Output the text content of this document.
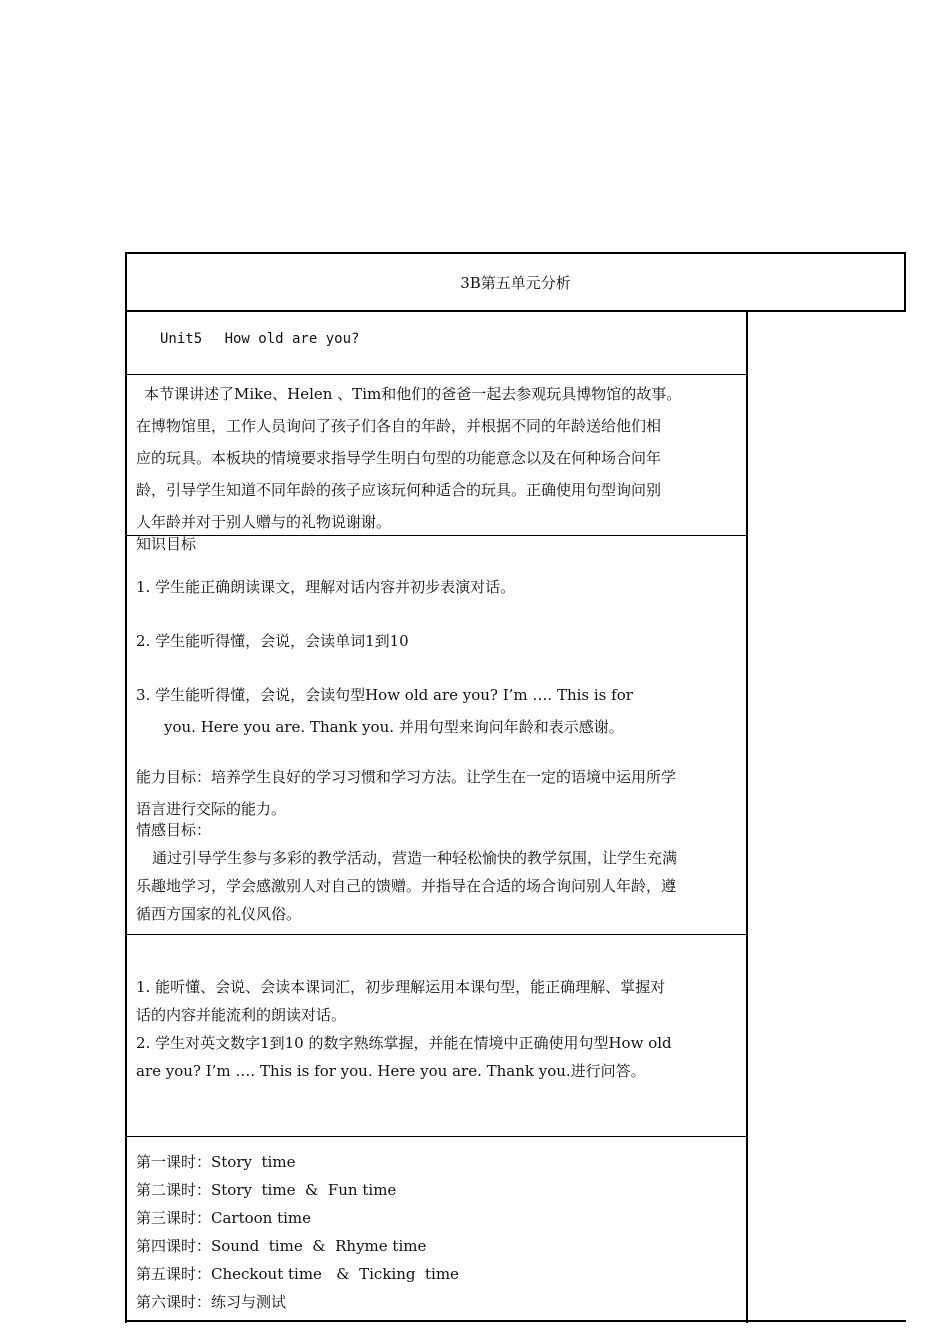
3B第五单元分析
Unit5　 How old are you?
本节课讲述了Mike、Helen 、Tim和他们的爸爸一起去参观玩具博物馆的故事。
在博物馆里，工作人员询问了孩子们各自的年龄，并根据不同的年龄送给他们相
应的玩具。本板块的情境要求指导学生明白句型的功能意念以及在何种场合问年
龄，引导学生知道不同年龄的孩子应该玩何种适合的玩具。正确使用句型询问别
人年龄并对于别人赠与的礼物说谢谢。
知识目标
1. 学生能正确朗读课文，理解对话内容并初步表演对话。
2. 学生能听得懂，会说，会读单词1到10
3. 学生能听得懂，会说，会读句型How old are you? I’m …. This is for
you. Here you are. Thank you. 并用句型来询问年龄和表示感谢。
能力目标：培养学生良好的学习习惯和学习方法。让学生在一定的语境中运用所学
语言进行交际的能力。
情感目标：
通过引导学生参与多彩的教学活动，营造一种轻松愉快的教学氛围，让学生充满
乐趣地学习，学会感激别人对自己的馈赠。并指导在合适的场合询问别人年龄，遵
循西方国家的礼仪风俗。
1. 能听懂、会说、会读本课词汇，初步理解运用本课句型，能正确理解、掌握对
话的内容并能流利的朗读对话。
2. 学生对英文数字1到10 的数字熟练掌握，并能在情境中正确使用句型How old
are you? I’m …. This is for you. Here you are. Thank you.进行问答。
第一课时：Story  time
第二课时：Story  time  &  Fun time
第三课时：Cartoon time
第四课时：Sound  time  &  Rhyme time
第五课时：Checkout time   &  Ticking  time
第六课时：练习与测试
